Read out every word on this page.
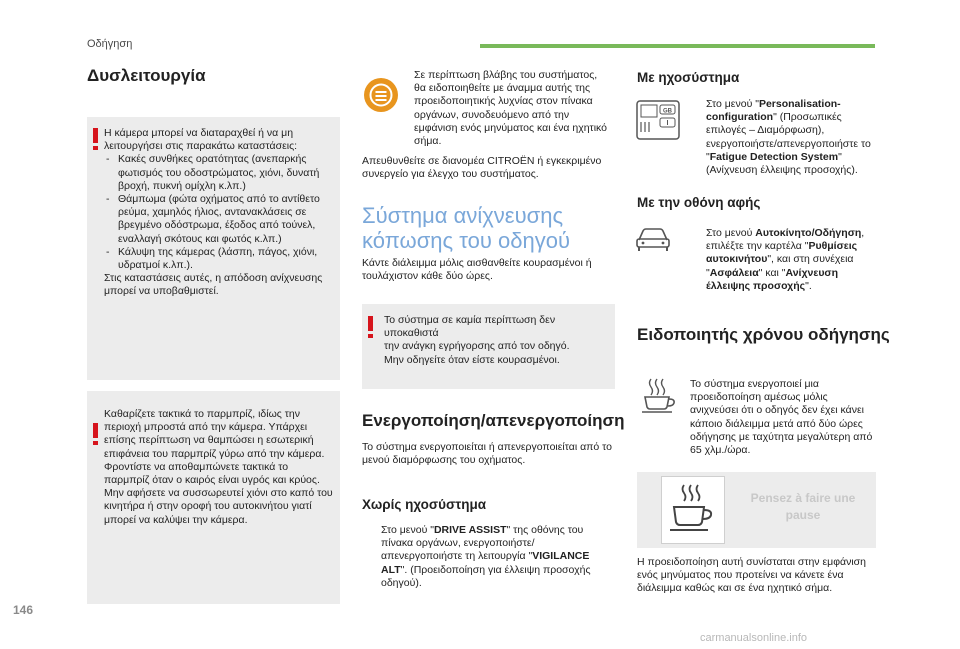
Οδήγηση
Δυσλειτουργία

Η κάμερα μπορεί να διαταραχθεί ή να μη λειτουργήσει στις παρακάτω καταστάσεις:

- Κακές συνθήκες ορατότητας (ανεπαρκής φωτισμός του οδοστρώματος, χιόνι, δυνατή βροχή, πυκνή ομίχλη κ.λπ.)
- Θάμπωμα (φώτα οχήματος από το αντίθετο ρεύμα, χαμηλός ήλιος, αντανακλάσεις σε βρεγμένο οδόστρωμα, έξοδος από τούνελ, εναλλαγή σκότους και φωτός κ.λπ.)
- Κάλυψη της κάμερας (λάσπη, πάγος, χιόνι, υδρατμοί κ.λπ.).

Στις καταστάσεις αυτές, η απόδοση ανίχνευσης μπορεί να υποβαθμιστεί.

Καθαρίζετε τακτικά το παρμπρίζ, ιδίως την περιοχή μπροστά από την κάμερα. Υπάρχει επίσης περίπτωση να θαμπώσει η εσωτερική επιφάνεια του παρμπρίζ γύρω από την κάμερα. Φροντίστε να αποθαμπώνετε τακτικά το παρμπρίζ όταν ο καιρός είναι υγρός και κρύος. Μην αφήσετε να συσσωρευτεί χιόνι στο καπό του κινητήρα ή στην οροφή του αυτοκινήτου γιατί μπορεί να καλύψει την κάμερα.

Σε περίπτωση βλάβης του συστήματος, θα ειδοποιηθείτε με άναμμα αυτής της προειδοποιητικής λυχνίας στον πίνακα οργάνων, συνοδευόμενο από την εμφάνιση ενός μηνύματος και ένα ηχητικό σήμα.
Απευθυνθείτε σε διανομέα CITROËN ή εγκεκριμένο συνεργείο για έλεγχο του συστήματος.
Σύστημα ανίχνευσης
κόπωσης του οδηγού
Κάντε διάλειμμα μόλις αισθανθείτε κουρασμένοι ή τουλάχιστον κάθε δύο ώρες.

Το σύστημα σε καμία περίπτωση δεν υποκαθιστά

την ανάγκη εγρήγορσης από τον οδηγό.

Μην οδηγείτε όταν είστε κουρασμένοι.

Ενεργοποίηση/απενεργοποίηση
Το σύστημα ενεργοποιείται ή απενεργοποιείται από το μενού διαμόρφωσης του οχήματος.
Χωρίς ηχοσύστημα
Στο μενού "DRIVE ASSIST" της οθόνης του πίνακα οργάνων, ενεργοποιήστε/απενεργοποιήστε τη λειτουργία "VIGILANCE ALT". (Προειδοποίηση για έλλειψη προσοχής οδηγού).
Με ηχοσύστημα
GB
Στο μενού "Personalisation-configuration" (Προσωπικές επιλογές – Διαμόρφωση), ενεργοποιήστε/απενεργοποιήστε το "Fatigue Detection System" (Ανίχνευση έλλειψης προσοχής).
Με την οθόνη αφής
Στο μενού Αυτοκίνητο/Οδήγηση, επιλέξτε την καρτέλα "Ρυθμίσεις αυτοκινήτου", και στη συνέχεια "Ασφάλεια" και "Ανίχνευση έλλειψης προσοχής".
Ειδοποιητής χρόνου οδήγησης
Το σύστημα ενεργοποιεί μια προειδοποίηση αμέσως μόλις ανιχνεύσει ότι ο οδηγός δεν έχει κάνει κάποιο διάλειμμα μετά από δύο ώρες οδήγησης με ταχύτητα μεγαλύτερη από 65 χλμ./ώρα.
Pensez à faire une pause
Η προειδοποίηση αυτή συνίσταται στην εμφάνιση ενός μηνύματος που προτείνει να κάνετε ένα διάλειμμα καθώς και σε ένα ηχητικό σήμα.
146
carmanualsonline.info
